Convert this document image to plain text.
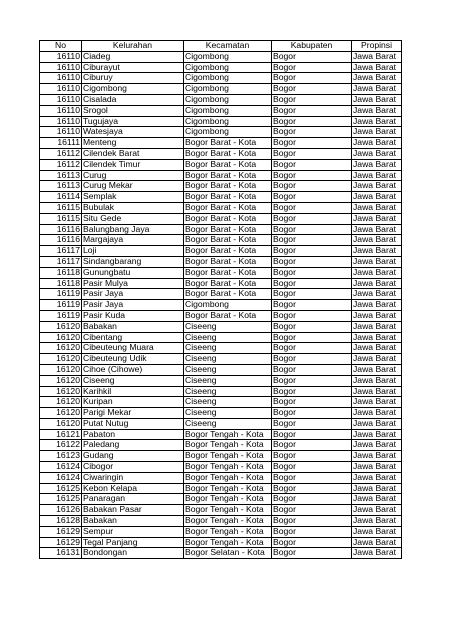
No	Kelurahan	Kecamatan	Kabupaten	Propinsi
16110	Ciadeg	Cigombong	Bogor	Jawa Barat
16110	Ciburayut	Cigombong	Bogor	Jawa Barat
16110	Ciburuy	Cigombong	Bogor	Jawa Barat
16110	Cigombong	Cigombong	Bogor	Jawa Barat
16110	Cisalada	Cigombong	Bogor	Jawa Barat
16110	Srogol	Cigombong	Bogor	Jawa Barat
16110	Tugujaya	Cigombong	Bogor	Jawa Barat
16110	Watesjaya	Cigombong	Bogor	Jawa Barat
16111	Menteng	Bogor Barat - Kota	Bogor	Jawa Barat
16112	Cilendek Barat	Bogor Barat - Kota	Bogor	Jawa Barat
16112	Cilendek Timur	Bogor Barat - Kota	Bogor	Jawa Barat
16113	Curug	Bogor Barat - Kota	Bogor	Jawa Barat
16113	Curug Mekar	Bogor Barat - Kota	Bogor	Jawa Barat
16114	Semplak	Bogor Barat - Kota	Bogor	Jawa Barat
16115	Bubulak	Bogor Barat - Kota	Bogor	Jawa Barat
16115	Situ Gede	Bogor Barat - Kota	Bogor	Jawa Barat
16116	Balungbang Jaya	Bogor Barat - Kota	Bogor	Jawa Barat
16116	Margajaya	Bogor Barat - Kota	Bogor	Jawa Barat
16117	Loji	Bogor Barat - Kota	Bogor	Jawa Barat
16117	Sindangbarang	Bogor Barat - Kota	Bogor	Jawa Barat
16118	Gunungbatu	Bogor Barat - Kota	Bogor	Jawa Barat
16118	Pasir Mulya	Bogor Barat - Kota	Bogor	Jawa Barat
16119	Pasir Jaya	Bogor Barat - Kota	Bogor	Jawa Barat
16119	Pasir Jaya	Cigombong	Bogor	Jawa Barat
16119	Pasir Kuda	Bogor Barat - Kota	Bogor	Jawa Barat
16120	Babakan	Ciseeng	Bogor	Jawa Barat
16120	Cibentang	Ciseeng	Bogor	Jawa Barat
16120	Cibeuteung Muara	Ciseeng	Bogor	Jawa Barat
16120	Cibeuteung Udik	Ciseeng	Bogor	Jawa Barat
16120	Cihoe (Cihowe)	Ciseeng	Bogor	Jawa Barat
16120	Ciseeng	Ciseeng	Bogor	Jawa Barat
16120	Karihkil	Ciseeng	Bogor	Jawa Barat
16120	Kuripan	Ciseeng	Bogor	Jawa Barat
16120	Parigi Mekar	Ciseeng	Bogor	Jawa Barat
16120	Putat Nutug	Ciseeng	Bogor	Jawa Barat
16121	Pabaton	Bogor Tengah - Kota	Bogor	Jawa Barat
16122	Paledang	Bogor Tengah - Kota	Bogor	Jawa Barat
16123	Gudang	Bogor Tengah - Kota	Bogor	Jawa Barat
16124	Cibogor	Bogor Tengah - Kota	Bogor	Jawa Barat
16124	Ciwaringin	Bogor Tengah - Kota	Bogor	Jawa Barat
16125	Kebon Kelapa	Bogor Tengah - Kota	Bogor	Jawa Barat
16125	Panaragan	Bogor Tengah - Kota	Bogor	Jawa Barat
16126	Babakan Pasar	Bogor Tengah - Kota	Bogor	Jawa Barat
16128	Babakan	Bogor Tengah - Kota	Bogor	Jawa Barat
16129	Sempur	Bogor Tengah - Kota	Bogor	Jawa Barat
16129	Tegal Panjang	Bogor Tengah - Kota	Bogor	Jawa Barat
16131	Bondongan	Bogor Selatan - Kota	Bogor	Jawa Barat
